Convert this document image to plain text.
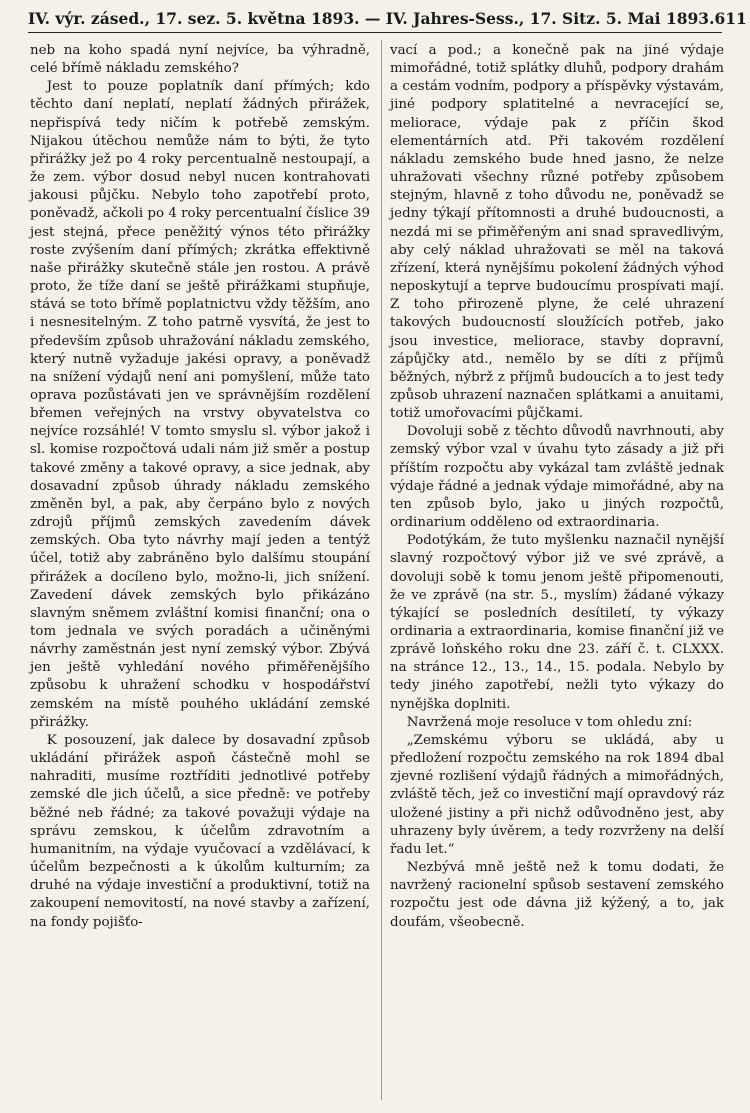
IV. výr. zásed., 17. sez. 5. května 1893. — IV. Jahres-Sess., 17. Sitz. 5. Mai 1893. 611

neb na koho spadá nyní nejvíce, ba výhradně, celé břímě nákladu zemského?

Jest to pouze poplatník daní přímých; kdo těchto daní neplatí, neplatí žádných přirážek, nepřispívá tedy ničím k potřebě zemským. Nijakou útěchou nemůže nám to býti, že tyto přirážky jež po 4 roky percentualně nestoupají, a že zem. výbor dosud nebyl nucen kontrahovati jakousi půjčku. Nebylo toho zapotřebí proto, poněvadž, ačkoli po 4 roky percentualní číslice 39 jest stejná, přece peněžitý výnos této přirážky roste zvýšením daní přímých; zkrátka effektivně naše přirážky skutečně stále jen rostou. A právě proto, že tíže daní se ještě přirážkami stupňuje, stává se toto břímě poplatnictvu vždy těžším, ano i nesnesitelným. Z toho patrně vysvítá, že jest to především způsob uhražování nákladu zemského, který nutně vyžaduje jakési opravy, a poněvadž na snížení výdajů není ani pomyšlení, může tato oprava pozůstávati jen ve správnějším rozdělení břemen veřejných na vrstvy obyvatelstva co nejvíce rozsáhlé! V tomto smyslu sl. výbor jakož i sl. komise rozpočtová udali nám již směr a postup takové změny a takové opravy, a sice jednak, aby dosavadní způsob úhrady nákladu zemského změněn byl, a pak, aby čerpáno bylo z nových zdrojů příjmů zemských zavedením dávek zemských. Oba tyto návrhy mají jeden a tentýž účel, totiž aby zabráněno bylo dalšímu stoupání přirážek a docíleno bylo, možno-li, jich snížení. Zavedení dávek zemských bylo přikázáno slavným sněmem zvláštní komisi finanční; ona o tom jednala ve svých poradách a učiněnými návrhy zaměstnán jest nyní zemský výbor. Zbývá jen ještě vyhledání nového přiměřenějšího způsobu k uhražení schodku v hospodářství zemském na místě pouhého ukládání zemské přirážky.

K posouzení, jak dalece by dosavadní způsob ukládání přirážek aspoň částečně mohl se nahraditi, musíme roztříditi jednotlivé potřeby zemské dle jich účelů, a sice předně: ve potřeby běžné neb řádné; za takové považuji výdaje na správu zemskou, k účelům zdravotním a humanitním, na výdaje vyučovací a vzdělávací, k účelům bezpečnosti a k úkolům kulturním; za druhé na výdaje investiční a produktivní, totiž na zakoupení nemovitostí, na nové stavby a zařízení, na fondy pojišťo-

vací a pod.; a konečně pak na jiné výdaje mimořádné, totiž splátky dluhů, podpory drahám a cestám vodním, podpory a příspěvky výstavám, jiné podpory splatitelné a nevracející se, meliorace, výdaje pak z příčin škod elementárních atd. Při takovém rozdělení nákladu zemského bude hned jasno, že nelze uhražovati všechny různé potřeby způsobem stejným, hlavně z toho důvodu ne, poněvadž se jedny týkají přítomnosti a druhé budoucnosti, a nezdá mi se přiměřeným ani snad spravedlivým, aby celý náklad uhražovati se měl na taková zřízení, která nynějšímu pokolení žádných výhod neposkytují a teprve budoucímu prospívati mají. Z toho přirozeně plyne, že celé uhrazení takových budoucností sloužících potřeb, jako jsou investice, meliorace, stavby dopravní, zápůjčky atd., nemělo by se díti z příjmů běžných, nýbrž z příjmů budoucích a to jest tedy způsob uhrazení naznačen splátkami a anuitami, totiž umořovacími půjčkami.

Dovoluji sobě z těchto důvodů navrhnouti, aby zemský výbor vzal v úvahu tyto zásady a již při příštím rozpočtu aby vykázal tam zvláště jednak výdaje řádné a jednak výdaje mimořádné, aby na ten způsob bylo, jako u jiných rozpočtů, ordinarium odděleno od extraordinaria.

Podotýkám, že tuto myšlenku naznačil nynější slavný rozpočtový výbor již ve své zprávě, a dovoluji sobě k tomu jenom ještě připomenouti, že ve zprávě (na str. 5., myslím) žádané výkazy týkající se posledních desítiletí, ty výkazy ordinaria a extraordinaria, komise finanční již ve zprávě loňského roku dne 23. září č. t. CLXXX. na stránce 12., 13., 14., 15. podala. Nebylo by tedy jiného zapotřebí, nežli tyto výkazy do nynějška doplniti.

Navržená moje resoluce v tom ohledu zní:

„Zemskému výboru se ukládá, aby u předložení rozpočtu zemského na rok 1894 dbal zjevné rozlišení výdajů řádných a mimořádných, zvláště těch, jež co investiční mají opravdový ráz uložené jistiny a při nichž odůvodněno jest, aby uhrazeny byly úvěrem, a tedy rozvrženy na delší řadu let.“

Nezbývá mně ještě než k tomu dodati, že navržený racionelní spůsob sestavení zemského rozpočtu jest ode dávna již kýžený, a to, jak doufám, všeobecně.
